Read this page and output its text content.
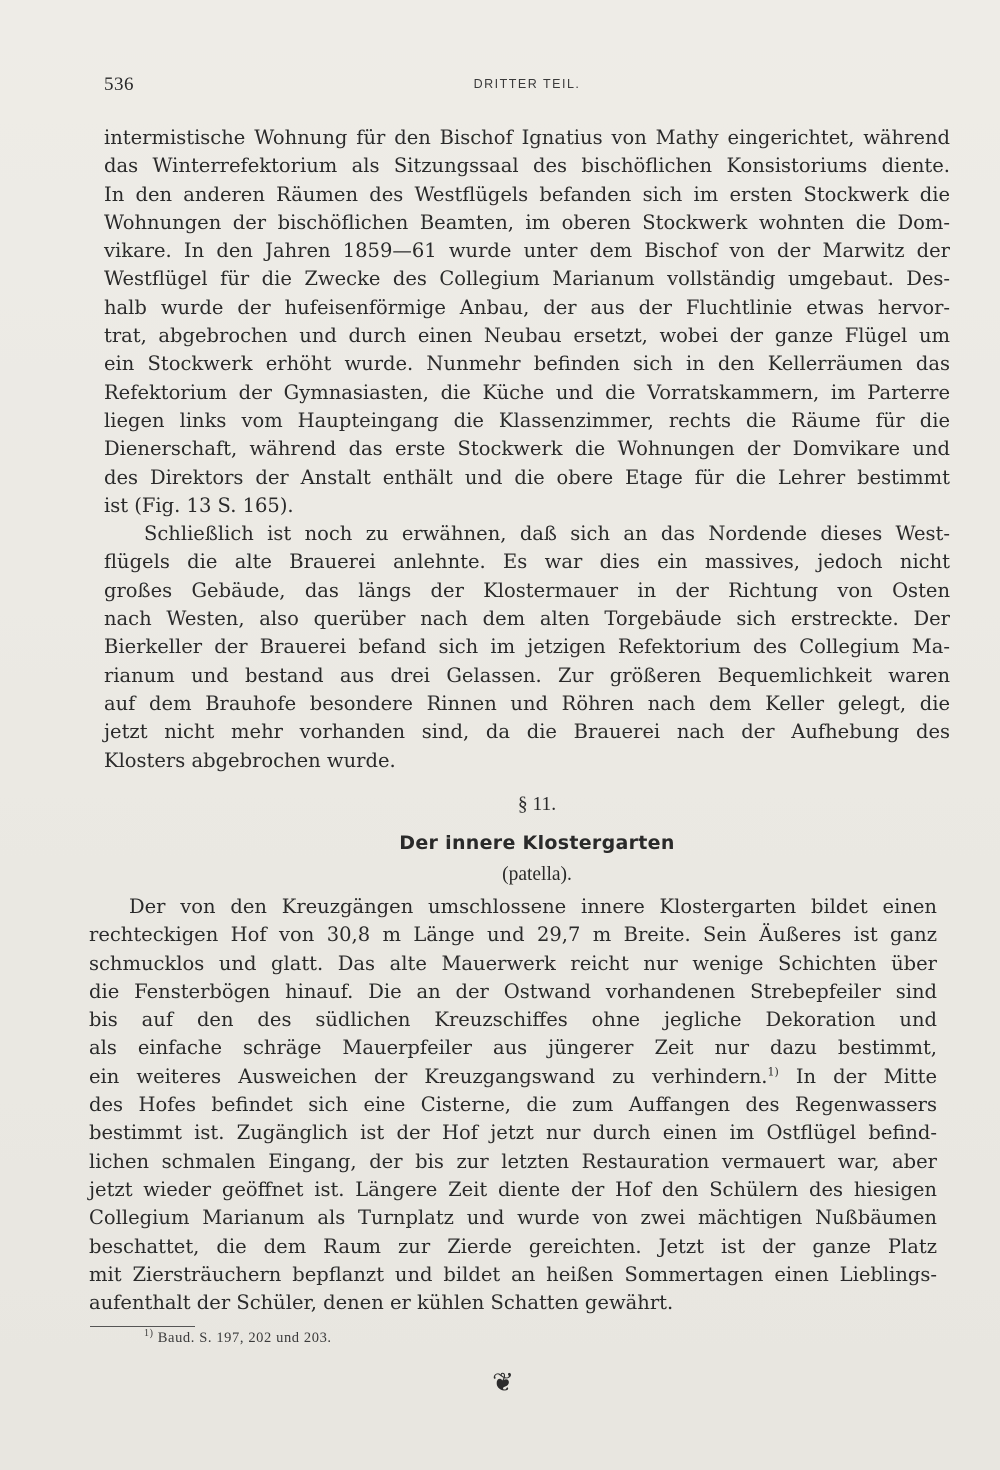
536	DRITTER TEIL.
intermistische Wohnung für den Bischof Ignatius von Mathy eingerichtet, während
das Winterrefektorium als Sitzungssaal des bischöflichen Konsistoriums diente.
In den anderen Räumen des Westflügels befanden sich im ersten Stockwerk die
Wohnungen der bischöflichen Beamten, im oberen Stockwerk wohnten die Dom-
vikare. In den Jahren 1859—61 wurde unter dem Bischof von der Marwitz der
Westflügel für die Zwecke des Collegium Marianum vollständig umgebaut. Des-
halb wurde der hufeisenförmige Anbau, der aus der Fluchtlinie etwas hervor-
trat, abgebrochen und durch einen Neubau ersetzt, wobei der ganze Flügel um
ein Stockwerk erhöht wurde. Nunmehr befinden sich in den Kellerräumen das
Refektorium der Gymnasiasten, die Küche und die Vorratskammern, im Parterre
liegen links vom Haupteingang die Klassenzimmer, rechts die Räume für die
Dienerschaft, während das erste Stockwerk die Wohnungen der Domvikare und
des Direktors der Anstalt enthält und die obere Etage für die Lehrer bestimmt
ist (Fig. 13 S. 165).
Schließlich ist noch zu erwähnen, daß sich an das Nordende dieses West-
flügels die alte Brauerei anlehnte. Es war dies ein massives, jedoch nicht
großes Gebäude, das längs der Klostermauer in der Richtung von Osten
nach Westen, also querüber nach dem alten Torgebäude sich erstreckte. Der
Bierkeller der Brauerei befand sich im jetzigen Refektorium des Collegium Ma-
rianum und bestand aus drei Gelassen. Zur größeren Bequemlichkeit waren
auf dem Brauhofe besondere Rinnen und Röhren nach dem Keller gelegt, die
jetzt nicht mehr vorhanden sind, da die Brauerei nach der Aufhebung des
Klosters abgebrochen wurde.
§ 11.
Der innere Klostergarten
(patella).
Der von den Kreuzgängen umschlossene innere Klostergarten bildet einen
rechteckigen Hof von 30,8 m Länge und 29,7 m Breite. Sein Äußeres ist ganz
schmucklos und glatt. Das alte Mauerwerk reicht nur wenige Schichten über
die Fensterbögen hinauf. Die an der Ostwand vorhandenen Strebepfeiler sind
bis auf den des südlichen Kreuzschiffes ohne jegliche Dekoration und
als einfache schräge Mauerpfeiler aus jüngerer Zeit nur dazu bestimmt,
ein weiteres Ausweichen der Kreuzgangswand zu verhindern.$^{1)}$ In der Mitte
des Hofes befindet sich eine Cisterne, die zum Auffangen des Regenwassers
bestimmt ist. Zugänglich ist der Hof jetzt nur durch einen im Ostflügel befind-
lichen schmalen Eingang, der bis zur letzten Restauration vermauert war, aber
jetzt wieder geöffnet ist. Längere Zeit diente der Hof den Schülern des hiesigen
Collegium Marianum als Turnplatz und wurde von zwei mächtigen Nußbäumen
beschattet, die dem Raum zur Zierde gereichten. Jetzt ist der ganze Platz
mit Ziersträuchern bepflanzt und bildet an heißen Sommertagen einen Lieblings-
aufenthalt der Schüler, denen er kühlen Schatten gewährt.
$^{1)}$ Baud. S. 197, 202 und 203.
❦
